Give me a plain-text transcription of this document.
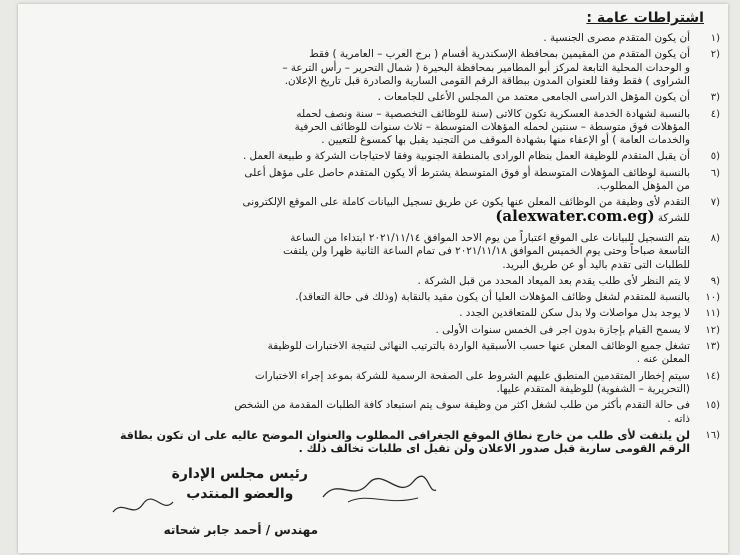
اشتراطات عامة :
١)
أن يكون المتقدم مصرى الجنسية .
٢)
أن يكون المتقدم من المقيمين بمحافظة الإسكندرية أقسام ( برج العرب – العامرية ) فقط
و الوحدات المحلية التابعة لمركز أبو المطامير بمحافظة البحيرة ( شمال التحرير – رأس الترعة –
الشراوى ) فقط وفقا للعنوان المدون ببطاقة الرقم القومى السارية والصادرة قبل تاريخ الإعلان.
٣)
أن يكون المؤهل الدراسى الجامعى معتمد من المجلس الأعلى للجامعات .
٤)
بالنسبة لشهادة الخدمة العسكرية تكون كالاتى (سنة للوظائف التخصصية – سنة ونصف لحمله
المؤهلات فوق متوسطة – سنتين لحمله المؤهلات المتوسطة – ثلاث سنوات للوظائف الحرفية
والخدمات العامة ) أو الإعفاء منها بشهادة الموقف من التجنيد يقبل بها كمسوغ للتعيين .
٥)
أن يقبل المتقدم للوظيفة العمل بنظام الورادى بالمنطقة الجنوبية وفقا لاحتياجات الشركة و طبيعة العمل .
٦)
بالنسبة لوظائف المؤهلات المتوسطة أو فوق المتوسطة يشترط ألا يكون المتقدم حاصل على مؤهل أعلى
من المؤهل المطلوب.
٧)
التقدم لأى وظيفة من الوظائف المعلن عنها يكون عن طريق تسجيل البيانات كاملة على الموقع الإلكترونى
للشركة (alexwater.com.eg)
٨)
يتم التسجيل للبيانات على الموقع اعتباراً من يوم الاحد الموافق ٢٠٢١/١١/١٤ ابتداءا من الساعة
التاسعة صباحاً وحتى يوم الخميس الموافق ٢٠٢١/١١/١٨ فى تمام الساعة الثانية ظهرا ولن يلتفت
للطلبات التى تقدم باليد أو عن طريق البريد.
٩)
لا يتم النظر لأى طلب يقدم بعد الميعاد المحدد من قبل الشركة .
١٠)
بالنسبة للمتقدم لشغل وظائف المؤهلات العليا أن يكون مقيد بالنقابة (وذلك فى حالة التعاقد).
١١)
لا يوجد بدل مواصلات ولا بدل سكن للمتعاقدين الجدد .
١٢)
لا يسمح القيام بإجازة بدون اجر فى الخمس سنوات الأولى .
١٣)
تشغل جميع الوظائف المعلن عنها حسب الأسبقية الواردة بالترتيب النهائى لنتيجة الاختبارات للوظيفة
المعلن عنه .
١٤)
سيتم إخطار المتقدمين المنطبق عليهم الشروط على الصفحة الرسمية للشركة بموعد إجراء الاختبارات
(التحريرية – الشفوية) للوظيفة المتقدم عليها.
١٥)
فى حالة التقدم بأكثر من طلب لشغل اكثر من وظيفة سوف يتم استبعاد كافة الطلبات المقدمة من الشخص
ذاته .
١٦)
لن يلتفت لأى طلب من خارج نطاق الموقع الجغرافى المطلوب والعنوان الموضح عاليه على ان تكون بطاقة
الرقم القومى سارية قبل صدور الاعلان ولن تقبل اى طلبات تخالف ذلك .
رئيس مجلس الإدارة
والعضو المنتدب
مهندس / أحمد جابر شحاته
